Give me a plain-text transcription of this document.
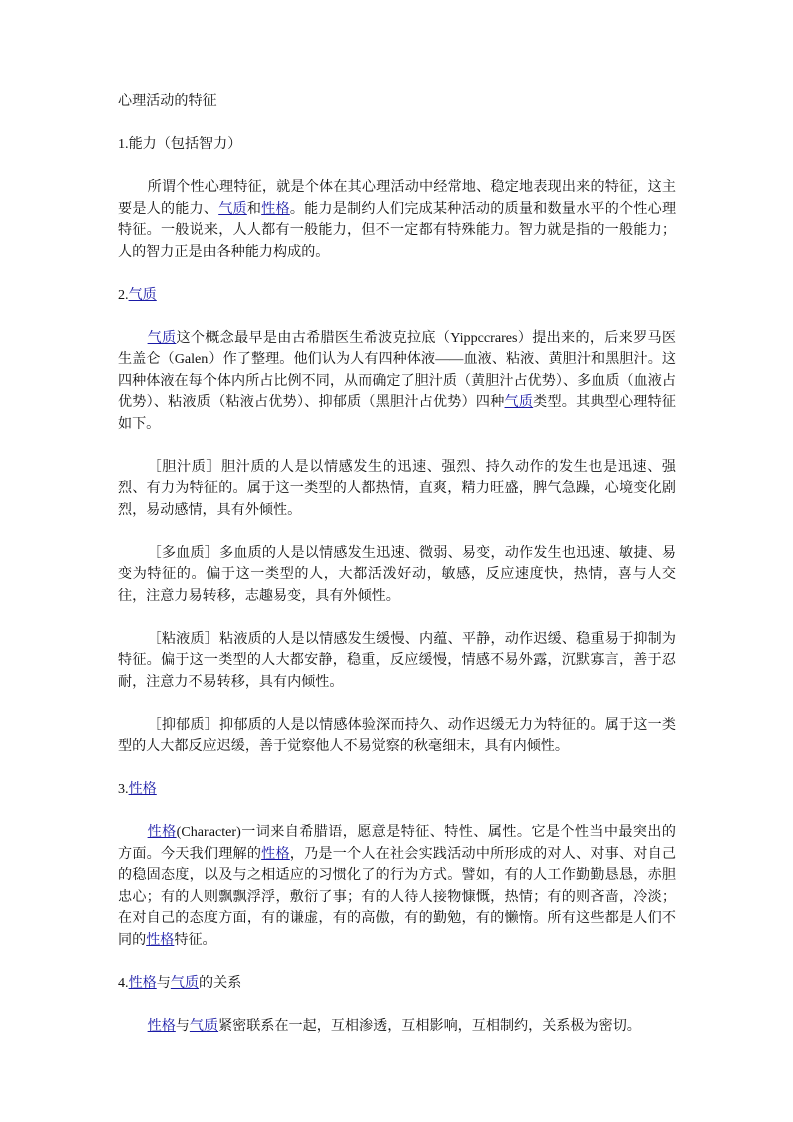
心理活动的特征

1.能力（包括智力）

所谓个性心理特征，就是个体在其心理活动中经常地、稳定地表现出来的特征，这主要是人的能力、气质和性格。能力是制约人们完成某种活动的质量和数量水平的个性心理特征。一般说来，人人都有一般能力，但不一定都有特殊能力。智力就是指的一般能力；人的智力正是由各种能力构成的。

2.气质

气质这个概念最早是由古希腊医生希波克拉底（Yippccrares）提出来的，后来罗马医生盖仑（Galen）作了整理。他们认为人有四种体液——血液、粘液、黄胆汁和黑胆汁。这四种体液在每个体内所占比例不同，从而确定了胆汁质（黄胆汁占优势）、多血质（血液占优势）、粘液质（粘液占优势）、抑郁质（黑胆汁占优势）四种气质类型。其典型心理特征如下。

［胆汁质］胆汁质的人是以情感发生的迅速、强烈、持久动作的发生也是迅速、强烈、有力为特征的。属于这一类型的人都热情，直爽，精力旺盛，脾气急躁，心境变化剧烈，易动感情，具有外倾性。

［多血质］多血质的人是以情感发生迅速、微弱、易变，动作发生也迅速、敏捷、易变为特征的。偏于这一类型的人，大都活泼好动，敏感，反应速度快，热情，喜与人交往，注意力易转移，志趣易变，具有外倾性。

［粘液质］粘液质的人是以情感发生缓慢、内蕴、平静，动作迟缓、稳重易于抑制为特征。偏于这一类型的人大都安静，稳重，反应缓慢，情感不易外露，沉默寡言，善于忍耐，注意力不易转移，具有内倾性。

［抑郁质］抑郁质的人是以情感体验深而持久、动作迟缓无力为特征的。属于这一类型的人大都反应迟缓，善于觉察他人不易觉察的秋毫细末，具有内倾性。

3.性格

性格(Character)一词来自希腊语，愿意是特征、特性、属性。它是个性当中最突出的方面。今天我们理解的性格，乃是一个人在社会实践活动中所形成的对人、对事、对自己的稳固态度，以及与之相适应的习惯化了的行为方式。譬如，有的人工作勤勤恳恳，赤胆忠心；有的人则飘飘浮浮，敷衍了事；有的人待人接物慷慨，热情；有的则吝啬，冷淡；在对自己的态度方面，有的谦虚，有的高傲，有的勤勉，有的懒惰。所有这些都是人们不同的性格特征。

4.性格与气质的关系

性格与气质紧密联系在一起，互相渗透，互相影响，互相制约，关系极为密切。
